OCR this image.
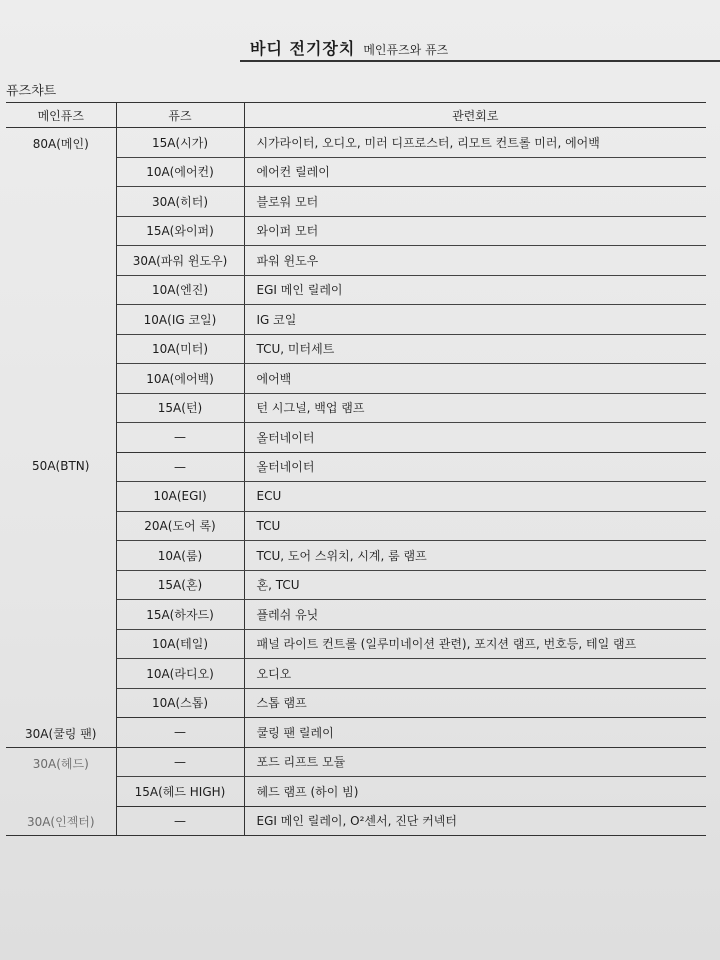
바디 전기장치 메인퓨즈와 퓨즈
퓨즈챠트
메인퓨즈	퓨즈	관련회로
80A(메인)	15A(시가)	시가라이터, 오디오, 미러 디프로스터, 리모트 컨트롤 미러, 에어백
	10A(에어컨)	에어컨 릴레이
	30A(히터)	블로워 모터
	15A(와이퍼)	와이퍼 모터
	30A(파워 윈도우)	파워 윈도우
	10A(엔진)	EGI 메인 릴레이
	10A(IG 코일)	IG 코일
	10A(미터)	TCU, 미터세트
	10A(에어백)	에어백
	15A(턴)	턴 시그널, 백업 램프
	—	올터네이터
50A(BTN)	—	올터네이터
	10A(EGI)	ECU
	20A(도어 록)	TCU
	10A(룸)	TCU, 도어 스위치, 시계, 룸 램프
	15A(혼)	혼, TCU
	15A(하자드)	플레쉬 유닛
	10A(테일)	패널 라이트 컨트롤 (일루미네이션 관련), 포지션 램프, 번호등, 테일 램프
	10A(라디오)	오디오
	10A(스톱)	스톱 램프
30A(쿨링 팬)	—	쿨링 팬 릴레이
30A(헤드)	—	포드 리프트 모듈
	15A(헤드 HIGH)	헤드 램프 (하이 빔)
30A(인젝터)	—	EGI 메인 릴레이, O²센서, 진단 커넥터
